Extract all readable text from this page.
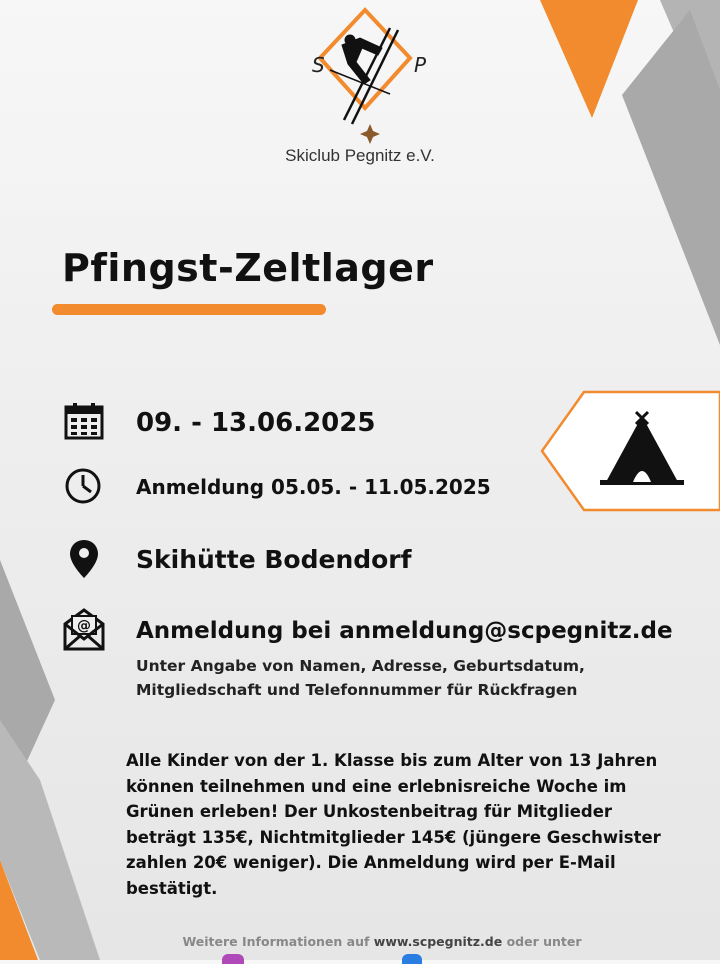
S	P
Skiclub Pegnitz e.V.
Pfingst-Zeltlager
09. - 13.06.2025
Anmeldung 05.05. - 11.05.2025
Skihütte Bodendorf
@ Anmeldung bei anmeldung@scpegnitz.de
Unter Angabe von Namen, Adresse, Geburtsdatum,
Mitgliedschaft und Telefonnummer für Rückfragen
Alle Kinder von der 1. Klasse bis zum Alter von 13 Jahren
können teilnehmen und eine erlebnisreiche Woche im
Grünen erleben! Der Unkostenbeitrag für Mitglieder
beträgt 135€, Nichtmitglieder 145€ (jüngere Geschwister
zahlen 20€ weniger). Die Anmeldung wird per E-Mail
bestätigt.
Weitere Informationen auf www.scpegnitz.de oder unter
